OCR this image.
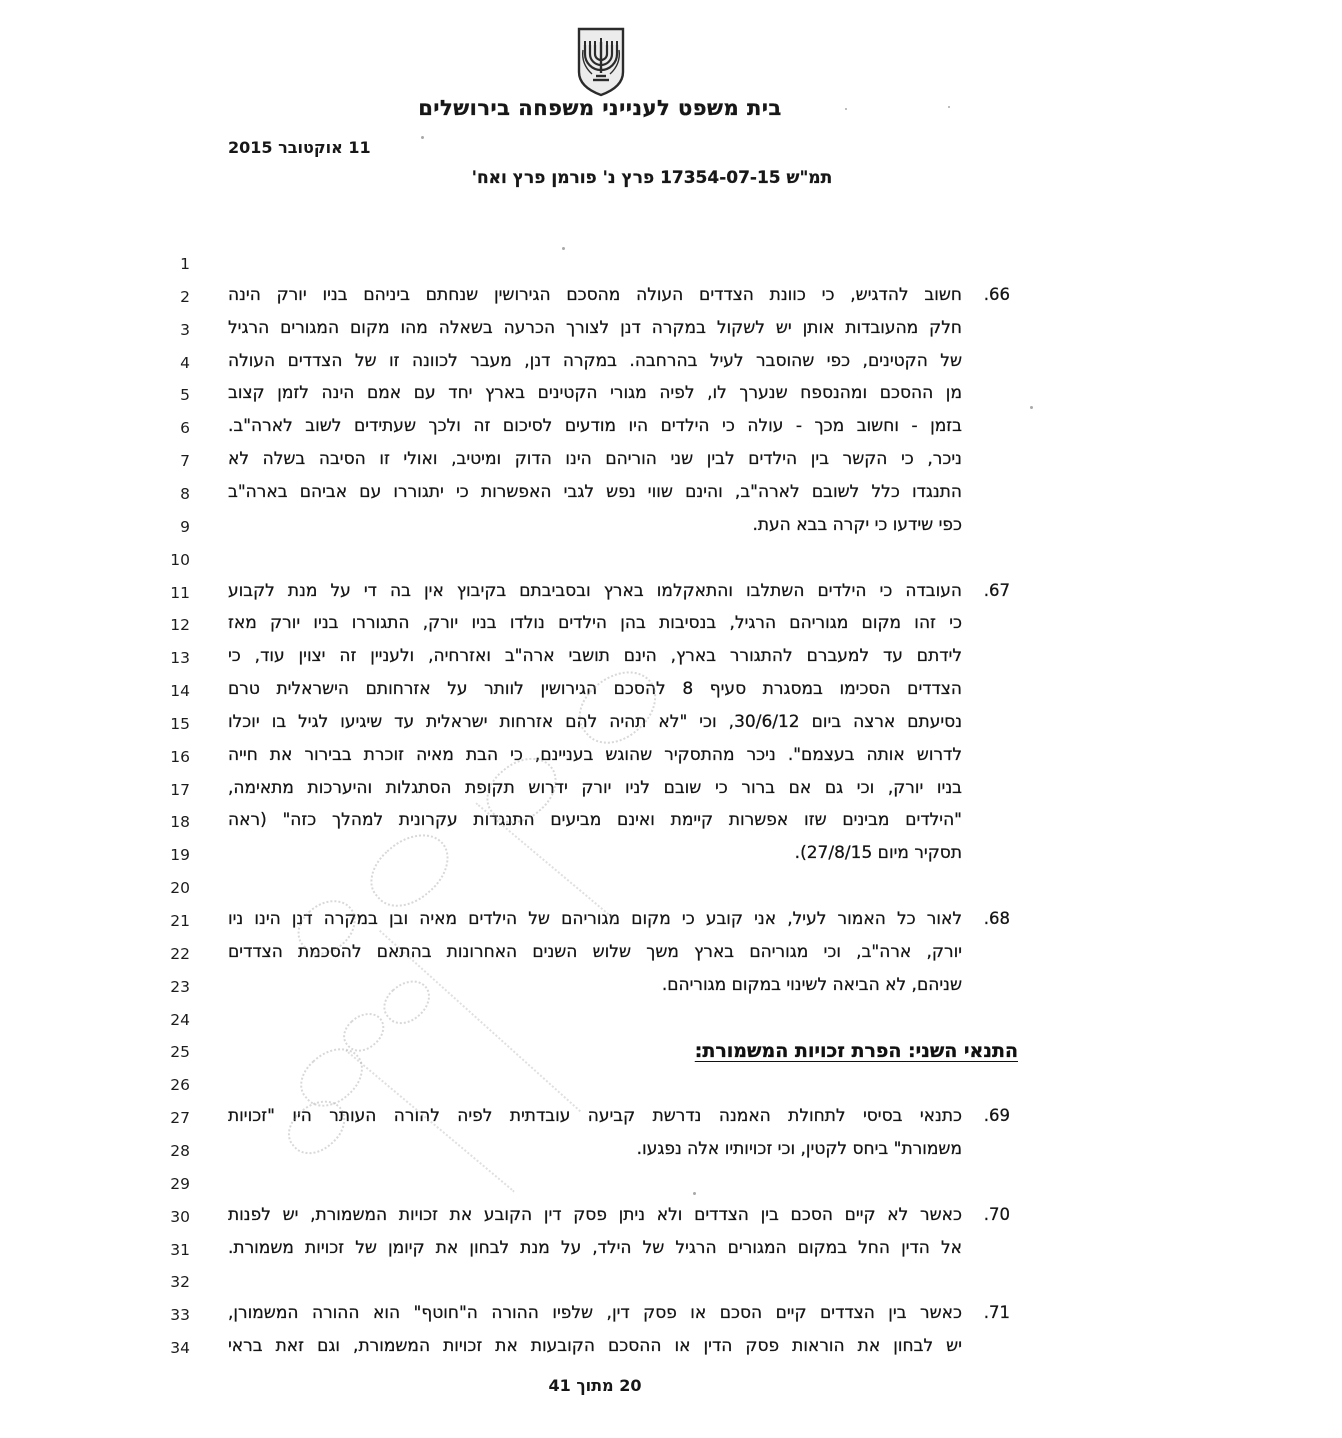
בית משפט לענייני משפחה בירושלים
11 אוקטובר 2015
תמ"ש 17354-07-15 פרץ נ' פורמן פרץ ואח'
1
2 חשוב להדגיש, כי כוונת הצדדים העולה מהסכם הגירושין שנחתם ביניהם בניו יורק הינה	66.
3 חלק מהעובדות אותן יש לשקול במקרה דנן לצורך הכרעה בשאלה מהו מקום המגורים הרגיל
4 של הקטינים, כפי שהוסבר לעיל בהרחבה. במקרה דנן, מעבר לכוונה זו של הצדדים העולה
5 מן ההסכם ומהנספח שנערך לו, לפיה מגורי הקטינים בארץ יחד עם אמם הינה לזמן קצוב
6 בזמן - וחשוב מכך - עולה כי הילדים היו מודעים לסיכום זה ולכך שעתידים לשוב לארה"ב.
7 ניכר, כי הקשר בין הילדים לבין שני הוריהם הינו הדוק ומיטיב, ואולי זו הסיבה בשלה לא
8 התנגדו כלל לשובם לארה"ב, והינם שווי נפש לגבי האפשרות כי יתגוררו עם אביהם בארה"ב
9	כפי שידעו כי יקרה בבא העת.
10
11 העובדה כי הילדים השתלבו והתאקלמו בארץ ובסביבתם בקיבוץ אין בה די על מנת לקבוע	67.
12 כי זהו מקום מגוריהם הרגיל, בנסיבות בהן הילדים נולדו בניו יורק, התגוררו בניו יורק מאז
13 לידתם עד למעברם להתגורר בארץ, הינם תושבי ארה"ב ואזרחיה, ולעניין זה יצוין עוד, כי
14 הצדדים הסכימו במסגרת סעיף 8 להסכם הגירושין לוותר על אזרחותם הישראלית טרם
15 נסיעתם ארצה ביום 30/6/12, וכי "לא תהיה להם אזרחות ישראלית עד שיגיעו לגיל בו יוכלו
16 לדרוש אותה בעצמם". ניכר מהתסקיר שהוגש בעניינם, כי הבת מאיה זוכרת בבירור את חייה
17 בניו יורק, וכי גם אם ברור כי שובם לניו יורק ידרוש תקופת הסתגלות והיערכות מתאימה,
18 "הילדים מבינים שזו אפשרות קיימת ואינם מביעים התנגדות עקרונית למהלך כזה" (ראה
19	תסקיר מיום 27/8/15).
20
21 לאור כל האמור לעיל, אני קובע כי מקום מגוריהם של הילדים מאיה ובן במקרה דנן הינו ניו	68.
22 יורק, ארה"ב, וכי מגוריהם בארץ משך שלוש השנים האחרונות בהתאם להסכמת הצדדים
23	שניהם, לא הביאה לשינוי במקום מגוריהם.
24
25	התנאי השני: הפרת זכויות המשמורת:
26
27 כתנאי בסיסי לתחולת האמנה נדרשת קביעה עובדתית לפיה להורה העותר היו "זכויות	69.
28	משמורת" ביחס לקטין, וכי זכויותיו אלה נפגעו.
29
30 כאשר לא קיים הסכם בין הצדדים ולא ניתן פסק דין הקובע את זכויות המשמורת, יש לפנות	70.
31 אל הדין החל במקום המגורים הרגיל של הילד, על מנת לבחון את קיומן של זכויות משמורת.
32
33 כאשר בין הצדדים קיים הסכם או פסק דין, שלפיו ההורה ה"חוטף" הוא ההורה המשמורן,	71.
34 יש לבחון את הוראות פסק הדין או ההסכם הקובעות את זכויות המשמורת, וגם זאת בראי
20 מתוך 41
